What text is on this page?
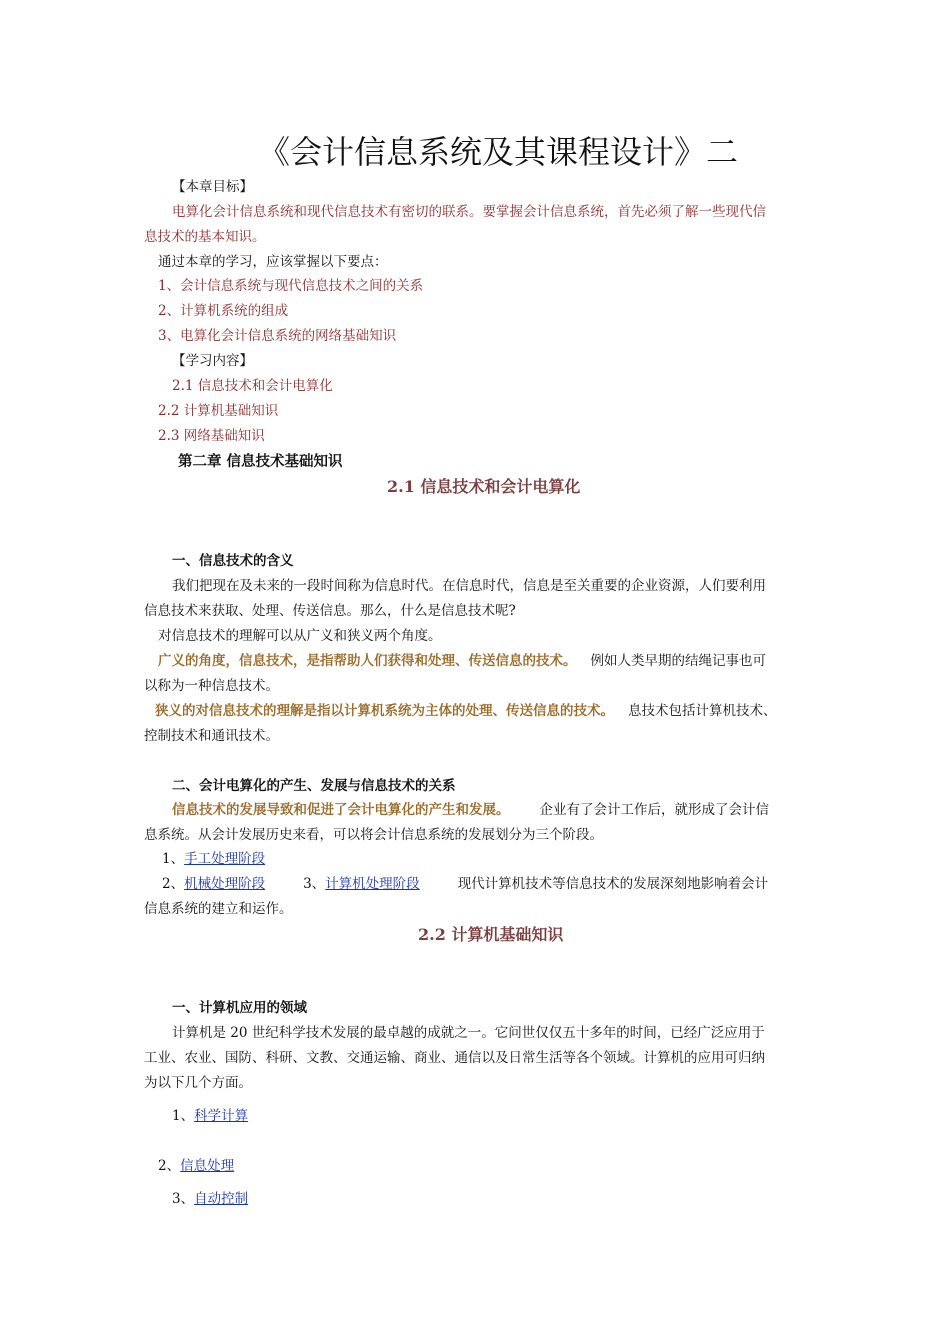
《会计信息系统及其课程设计》二
【本章目标】
电算化会计信息系统和现代信息技术有密切的联系。要掌握会计信息系统，首先必须了解一些现代信
息技术的基本知识。
通过本章的学习，应该掌握以下要点：
1、会计信息系统与现代信息技术之间的关系
2、计算机系统的组成
3、电算化会计信息系统的网络基础知识
【学习内容】
2.1 信息技术和会计电算化
2.2 计算机基础知识
2.3 网络基础知识
第二章 信息技术基础知识
2.1 信息技术和会计电算化
一、信息技术的含义
我们把现在及未来的一段时间称为信息时代。在信息时代，信息是至关重要的企业资源，人们要利用
信息技术来获取、处理、传送信息。那么，什么是信息技术呢?
对信息技术的理解可以从广义和狭义两个角度。
广义的角度，信息技术，是指帮助人们获得和处理、传送信息的技术。 例如人类早期的结绳记事也可
以称为一种信息技术。
狭义的对信息技术的理解是指以计算机系统为主体的处理、传送信息的技术。 息技术包括计算机技术、
控制技术和通讯技术。
二、会计电算化的产生、发展与信息技术的关系
信息技术的发展导致和促进了会计电算化的产生和发展。 企业有了会计工作后，就形成了会计信
息系统。从会计发展历史来看，可以将会计信息系统的发展划分为三个阶段。
1、手工处理阶段
2、机械处理阶段	3、计算机处理阶段	现代计算机技术等信息技术的发展深刻地影响着会计
信息系统的建立和运作。
2.2 计算机基础知识
一、计算机应用的领域
计算机是 20 世纪科学技术发展的最卓越的成就之一。它问世仅仅五十多年的时间，已经广泛应用于
工业、农业、国防、科研、文教、交通运输、商业、通信以及日常生活等各个领域。计算机的应用可归纳
为以下几个方面。
1、科学计算
2、信息处理
3、自动控制
